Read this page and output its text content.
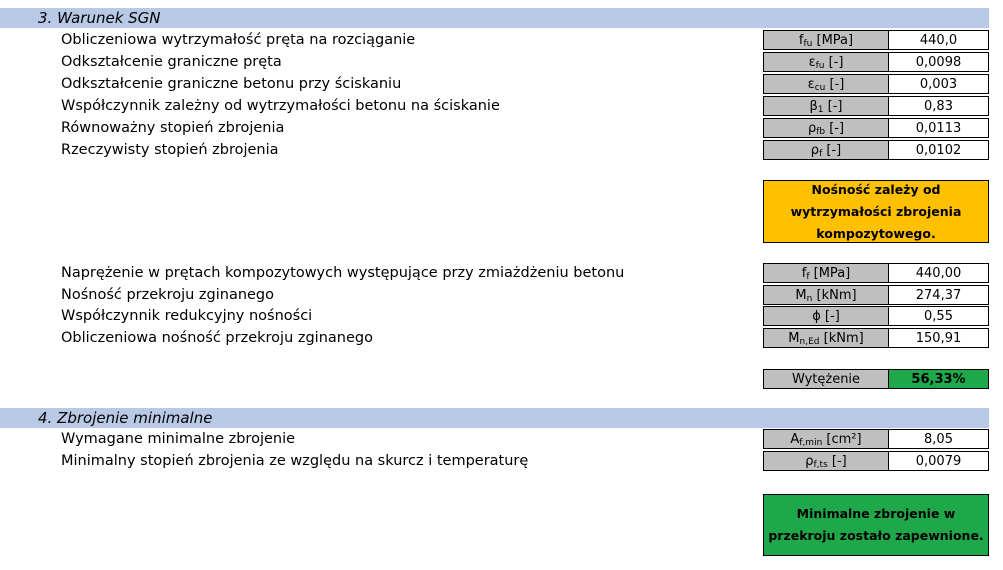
3. Warunek SGN
Obliczeniowa wytrzymałość pręta na rozciąganie	$f_{fu}$ [MPa]	440,0
Odkształcenie graniczne pręta	$\varepsilon_{fu}$ [-]	0,0098
Odkształcenie graniczne betonu przy ściskaniu	$\varepsilon_{cu}$ [-]	0,003
Współczynnik zależny od wytrzymałości betonu na ściskanie	$\beta_1$ [-]	0,83
Równoważny stopień zbrojenia	$\rho_{fb}$ [-]	0,0113
Rzeczywisty stopień zbrojenia	$\rho_f$ [-]	0,0102
Nośność zależy od wytrzymałości zbrojenia kompozytowego.
Naprężenie w prętach kompozytowych występujące przy zmiażdżeniu betonu	$f_f$ [MPa]	440,00
Nośność przekroju zginanego	$M_n$ [kNm]	274,37
Współczynnik redukcyjny nośności	ϕ [-]	0,55
Obliczeniowa nośność przekroju zginanego	$M_{n,Ed}$ [kNm]	150,91
Wytężenie	56,33%
4. Zbrojenie minimalne
Wymagane minimalne zbrojenie	$A_{f,min}$ [cm²]	8,05
Minimalny stopień zbrojenia ze względu na skurcz i temperaturę	$\rho_{f,ts}$ [-]	0,0079
Minimalne zbrojenie w przekroju zostało zapewnione.
